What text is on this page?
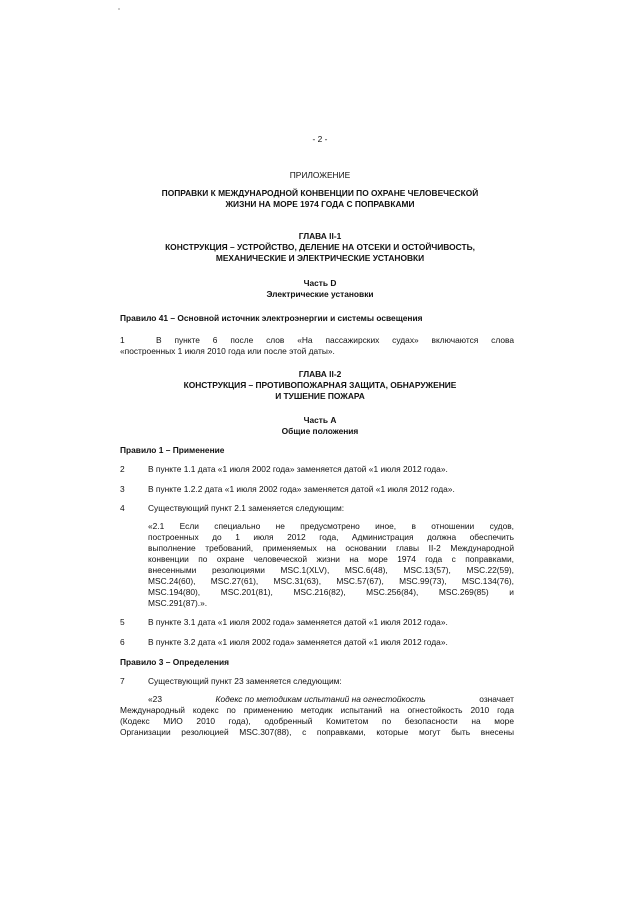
- 2 -
ПРИЛОЖЕНИЕ
ПОПРАВКИ К МЕЖДУНАРОДНОЙ КОНВЕНЦИИ ПО ОХРАНЕ ЧЕЛОВЕЧЕСКОЙ
ЖИЗНИ НА МОРЕ 1974 ГОДА С ПОПРАВКАМИ
ГЛАВА II-1
КОНСТРУКЦИЯ – УСТРОЙСТВО, ДЕЛЕНИЕ НА ОТСЕКИ И ОСТОЙЧИВОСТЬ,
МЕХАНИЧЕСКИЕ И ЭЛЕКТРИЧЕСКИЕ УСТАНОВКИ
Часть D
Электрические установки
Правило 41 – Основной источник электроэнергии и системы освещения
1	В пункте 6 после слов «На пассажирских судах» включаются слова
«построенных 1 июля 2010 года или после этой даты».
ГЛАВА II-2
КОНСТРУКЦИЯ – ПРОТИВОПОЖАРНАЯ ЗАЩИТА, ОБНАРУЖЕНИЕ
И ТУШЕНИЕ ПОЖАРА
Часть A
Общие положения
Правило 1 – Применение
2	В пункте 1.1 дата «1 июля 2002 года» заменяется датой «1 июля 2012 года».
3	В пункте 1.2.2 дата «1 июля 2002 года» заменяется датой «1 июля 2012 года».
4	Существующий пункт 2.1 заменяется следующим:
«2.1 Если специально не предусмотрено иное, в отношении судов,
построенных до 1 июля 2012 года, Администрация должна обеспечить
выполнение требований, применяемых на основании главы II-2 Международной
конвенции по охране человеческой жизни на море 1974 года с поправками,
внесенными резолюциями MSC.1(XLV), MSC.6(48), MSC.13(57), MSC.22(59),
MSC.24(60), MSC.27(61), MSC.31(63), MSC.57(67), MSC.99(73), MSC.134(76),
MSC.194(80), MSC.201(81), MSC.216(82), MSC.256(84), MSC.269(85) и
MSC.291(87).».
5	В пункте 3.1 дата «1 июля 2002 года» заменяется датой «1 июля 2012 года».
6	В пункте 3.2 дата «1 июля 2002 года» заменяется датой «1 июля 2012 года».
Правило 3 – Определения
7	Существующий пункт 23 заменяется следующим:
«23	Кодекс по методикам испытаний на огнестойкость	означает
Международный кодекс по применению методик испытаний на огнестойкость 2010 года
(Кодекс МИО 2010 года), одобренный Комитетом по безопасности на море
Организации резолюцией MSC.307(88), с поправками, которые могут быть внесены
